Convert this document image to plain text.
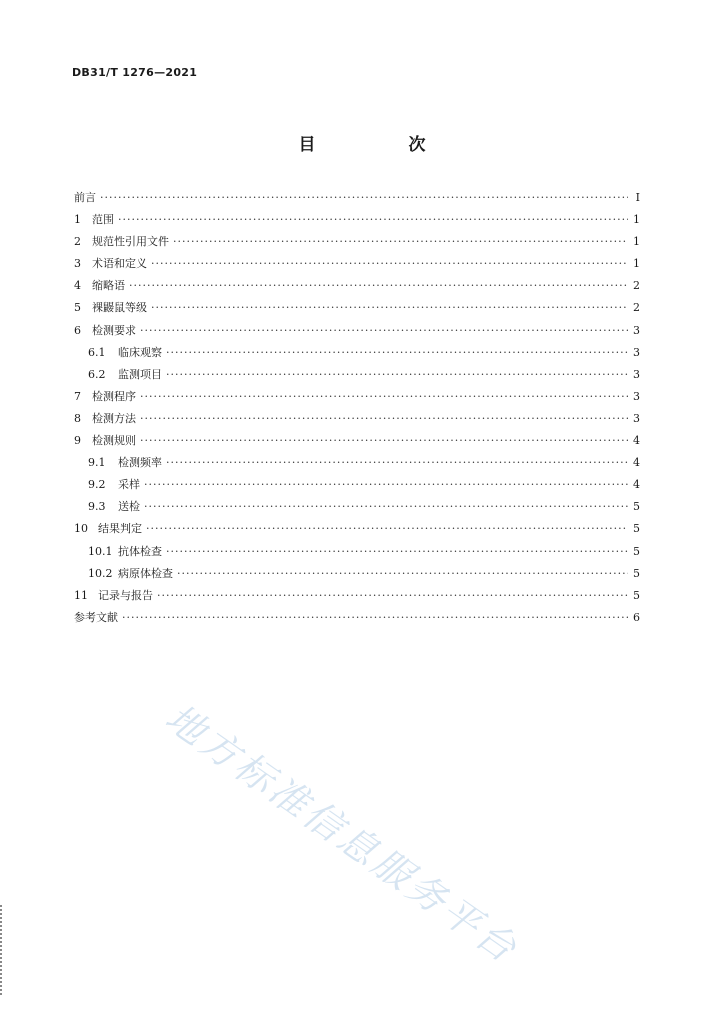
DB31/T 1276—2021
目　次
前言 ·····	Ⅰ
1	范围 ·····	1
2	规范性引用文件 ·····	1
3	术语和定义 ·····	1
4	缩略语 ·····	2
5	裸鼹鼠等级 ·····	2
6	检测要求 ·····	3
6.1	临床观察 ·····	3
6.2	监测项目 ·····	3
7	检测程序 ·····	3
8	检测方法 ·····	3
9	检测规则 ·····	4
9.1	检测频率 ·····	4
9.2	采样 ·····	4
9.3	送检 ·····	5
10 结果判定 ·····	5
10.1 抗体检查 ·····	5
10.2 病原体检查 ·····	5
11 记录与报告 ·····	5
参考文献 ·····	6
地方标准信息服务平台
